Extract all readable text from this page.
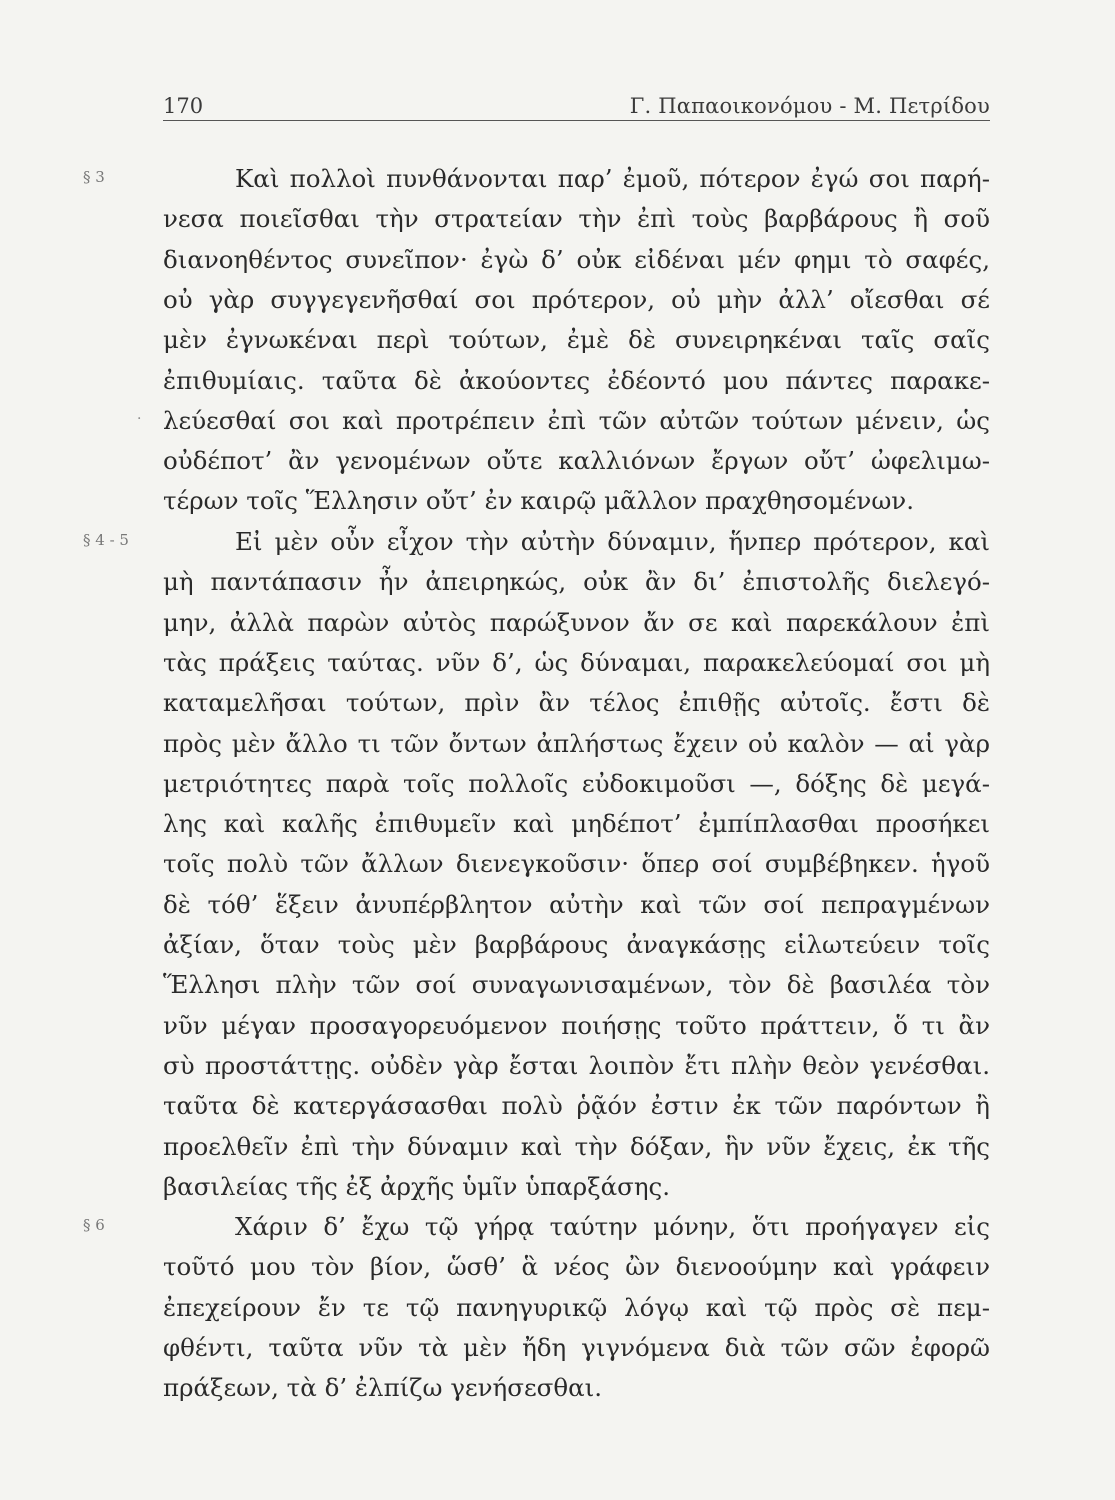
170	Γ. Παπαοικονόμου - Μ. Πετρίδου
·
§ 3	Καὶ πολλοὶ πυνθάνονται παρ’ ἐμοῦ, πότερον ἐγώ σοι παρή-
νεσα ποιεῖσθαι τὴν στρατείαν τὴν ἐπὶ τοὺς βαρβάρους ἢ σοῦ
διανοηθέντος συνεῖπον· ἐγὼ δ’ οὐκ εἰδέναι μέν φημι τὸ σαφές,
οὐ γὰρ συγγεγενῆσθαί σοι πρότερον, οὐ μὴν ἀλλ’ οἴεσθαι σέ
μὲν ἐγνωκέναι περὶ τούτων, ἐμὲ δὲ συνειρηκέναι ταῖς σαῖς
ἐπιθυμίαις. ταῦτα δὲ ἀκούοντες ἐδέοντό μου πάντες παρακε-
λεύεσθαί σοι καὶ προτρέπειν ἐπὶ τῶν αὐτῶν τούτων μένειν, ὡς
οὐδέποτ’ ἂν γενομένων οὔτε καλλιόνων ἔργων οὔτ’ ὠφελιμω-
τέρων τοῖς Ἕλλησιν οὔτ’ ἐν καιρῷ μᾶλλον πραχθησομένων.
§ 4 - 5	Εἰ μὲν οὖν εἶχον τὴν αὐτὴν δύναμιν, ἥνπερ πρότερον, καὶ
μὴ παντάπασιν ἦν ἀπειρηκώς, οὐκ ἂν δι’ ἐπιστολῆς διελεγό-
μην, ἀλλὰ παρὼν αὐτὸς παρώξυνον ἄν σε καὶ παρεκάλουν ἐπὶ
τὰς πράξεις ταύτας. νῦν δ’, ὡς δύναμαι, παρακελεύομαί σοι μὴ
καταμελῆσαι τούτων, πρὶν ἂν τέλος ἐπιθῇς αὐτοῖς. ἔστι δὲ
πρὸς μὲν ἄλλο τι τῶν ὄντων ἀπλήστως ἔχειν οὐ καλὸν — αἱ γὰρ
μετριότητες παρὰ τοῖς πολλοῖς εὐδοκιμοῦσι —, δόξης δὲ μεγά-
λης καὶ καλῆς ἐπιθυμεῖν καὶ μηδέποτ’ ἐμπίπλασθαι προσήκει
τοῖς πολὺ τῶν ἄλλων διενεγκοῦσιν· ὅπερ σοί συμβέβηκεν. ἡγοῦ
δὲ τόθ’ ἕξειν ἀνυπέρβλητον αὐτὴν καὶ τῶν σοί πεπραγμένων
ἀξίαν, ὅταν τοὺς μὲν βαρβάρους ἀναγκάσῃς εἱλωτεύειν τοῖς
Ἕλλησι πλὴν τῶν σοί συναγωνισαμένων, τὸν δὲ βασιλέα τὸν
νῦν μέγαν προσαγορευόμενον ποιήσῃς τοῦτο πράττειν, ὅ τι ἂν
σὺ προστάττῃς. οὐδὲν γὰρ ἔσται λοιπὸν ἔτι πλὴν θεὸν γενέσθαι.
ταῦτα δὲ κατεργάσασθαι πολὺ ῥᾷόν ἐστιν ἐκ τῶν παρόντων ἢ
προελθεῖν ἐπὶ τὴν δύναμιν καὶ τὴν δόξαν, ἣν νῦν ἔχεις, ἐκ τῆς
βασιλείας τῆς ἐξ ἀρχῆς ὑμῖν ὑπαρξάσης.
§ 6	Χάριν δ’ ἔχω τῷ γήρᾳ ταύτην μόνην, ὅτι προήγαγεν εἰς
τοῦτό μου τὸν βίον, ὥσθ’ ἃ νέος ὢν διενοούμην καὶ γράφειν
ἐπεχείρουν ἔν τε τῷ πανηγυρικῷ λόγῳ καὶ τῷ πρὸς σὲ πεμ-
φθέντι, ταῦτα νῦν τὰ μὲν ἤδη γιγνόμενα διὰ τῶν σῶν ἐφορῶ
πράξεων, τὰ δ’ ἐλπίζω γενήσεσθαι.
